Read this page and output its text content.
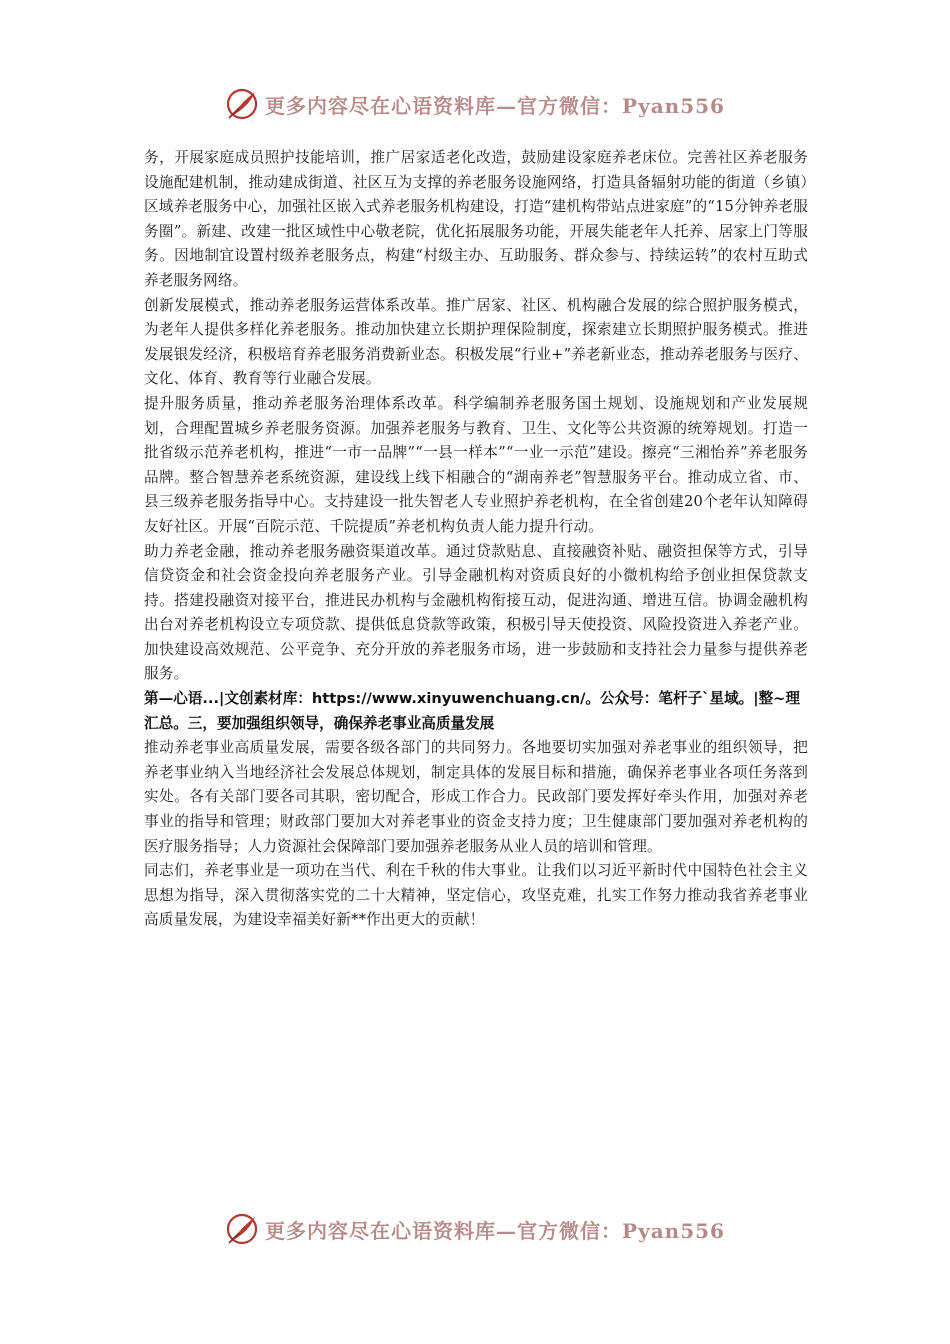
更多内容尽在心语资料库—官方微信：Pyan556

务，开展家庭成员照护技能培训，推广居家适老化改造，鼓励建设家庭养老床位。完善社区养老服务设施配建机制，推动建成街道、社区互为支撑的养老服务设施网络，打造具备辐射功能的街道（乡镇）区域养老服务中心，加强社区嵌入式养老服务机构建设，打造“建机构带站点进家庭”的“15分钟养老服务圈”。新建、改建一批区域性中心敬老院，优化拓展服务功能，开展失能老年人托养、居家上门等服务。因地制宜设置村级养老服务点，构建“村级主办、互助服务、群众参与、持续运转”的农村互助式养老服务网络。

创新发展模式，推动养老服务运营体系改革。推广居家、社区、机构融合发展的综合照护服务模式，为老年人提供多样化养老服务。推动加快建立长期护理保险制度，探索建立长期照护服务模式。推进发展银发经济，积极培育养老服务消费新业态。积极发展“行业+”养老新业态，推动养老服务与医疗、文化、体育、教育等行业融合发展。

提升服务质量，推动养老服务治理体系改革。科学编制养老服务国土规划、设施规划和产业发展规划，合理配置城乡养老服务资源。加强养老服务与教育、卫生、文化等公共资源的统筹规划。打造一批省级示范养老机构，推进“一市一品牌”“一县一样本”“一业一示范”建设。擦亮“三湘怡养”养老服务品牌。整合智慧养老系统资源，建设线上线下相融合的“湖南养老”智慧服务平台。推动成立省、市、县三级养老服务指导中心。支持建设一批失智老人专业照护养老机构，在全省创建20个老年认知障碍友好社区。开展“百院示范、千院提质”养老机构负责人能力提升行动。

助力养老金融，推动养老服务融资渠道改革。通过贷款贴息、直接融资补贴、融资担保等方式，引导信贷资金和社会资金投向养老服务产业。引导金融机构对资质良好的小微机构给予创业担保贷款支持。搭建投融资对接平台，推进民办机构与金融机构衔接互动，促进沟通、增进互信。协调金融机构出台对养老机构设立专项贷款、提供低息贷款等政策，积极引导天使投资、风险投资进入养老产业。加快建设高效规范、公平竞争、充分开放的养老服务市场，进一步鼓励和支持社会力量参与提供养老服务。

第—心语...|文创素材库：https://www.xinyuwenchuang.cn/。公众号：笔杆子`星域。|整~理汇总。三，要加强组织领导，确保养老事业高质量发展

推动养老事业高质量发展，需要各级各部门的共同努力。各地要切实加强对养老事业的组织领导，把养老事业纳入当地经济社会发展总体规划，制定具体的发展目标和措施，确保养老事业各项任务落到实处。各有关部门要各司其职，密切配合，形成工作合力。民政部门要发挥好牵头作用，加强对养老事业的指导和管理；财政部门要加大对养老事业的资金支持力度；卫生健康部门要加强对养老机构的医疗服务指导；人力资源社会保障部门要加强养老服务从业人员的培训和管理。

同志们，养老事业是一项功在当代、利在千秋的伟大事业。让我们以习近平新时代中国特色社会主义思想为指导，深入贯彻落实党的二十大精神，坚定信心，攻坚克难，扎实工作努力推动我省养老事业高质量发展，为建设幸福美好新**作出更大的贡献！

更多内容尽在心语资料库—官方微信：Pyan556
